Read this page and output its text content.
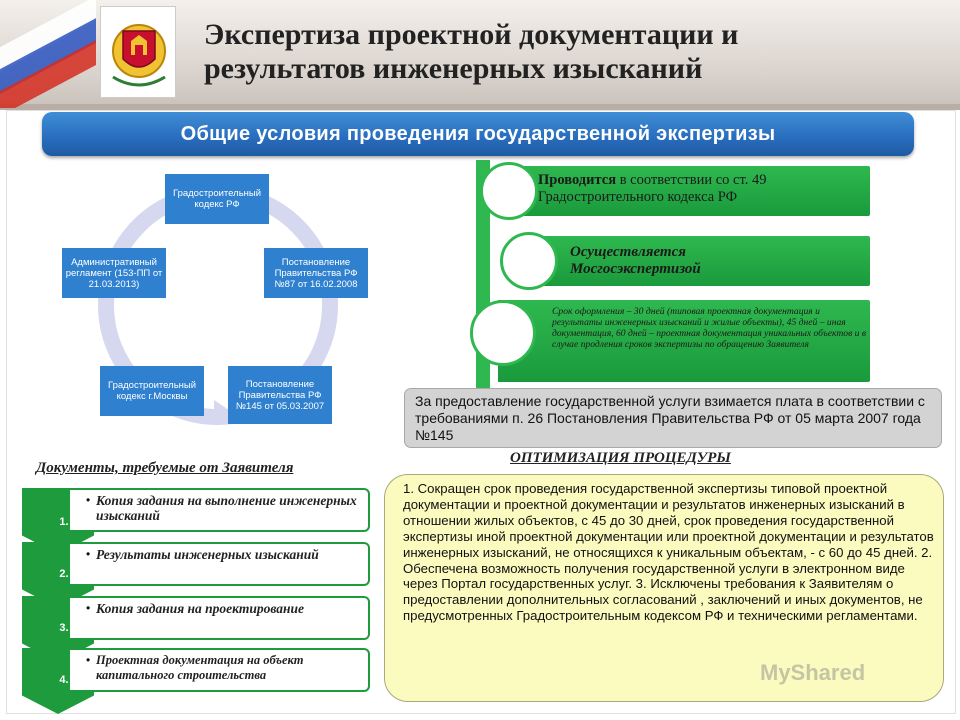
Экспертиза проектной документации и результатов инженерных изысканий
Общие условия проведения государственной экспертизы
Градостроительный кодекс РФ
Постановление Правительства РФ №87 от 16.02.2008
Постановление Правительства РФ №145 от 05.03.2007
Градостроительный кодекс г.Москвы
Административный регламент (153-ПП от 21.03.2013)
Проводится в соответствии со ст. 49 Градостроительного кодекса РФ
Осуществляется Мосгосэкспертизой
Срок оформления – 30 дней (типовая проектная документация и результаты инженерных изысканий и жилые объекты), 45 дней – иная документация, 60 дней – проектная документация уникальных объектов и в случае продления сроков экспертизы по обращению Заявителя
За предоставление государственной услуги взимается плата в соответствии с требованиями п. 26 Постановления Правительства РФ от 05 марта 2007 года №145
Документы, требуемые от Заявителя
1.
• Копия задания на выполнение инженерных изысканий
2.
• Результаты инженерных изысканий
3.
• Копия задания на проектирование
4.
• Проектная документация на объект капитального строительства
ОПТИМИЗАЦИЯ ПРОЦЕДУРЫ
1. Сокращен срок проведения государственной экспертизы типовой проектной документации и проектной документации и результатов инженерных изысканий в отношении жилых объектов, с 45 до 30 дней, срок проведения государственной экспертизы иной проектной документации или проектной документации и результатов инженерных изысканий, не относящихся к уникальным объектам, - с 60 до 45 дней. 2. Обеспечена возможность получения государственной услуги в электронном виде через Портал государственных услуг. 3. Исключены требования к Заявителям о предоставлении дополнительных согласований , заключений и иных документов, не предусмотренных Градостроительным кодексом РФ и техническими регламентами.
MyShared
